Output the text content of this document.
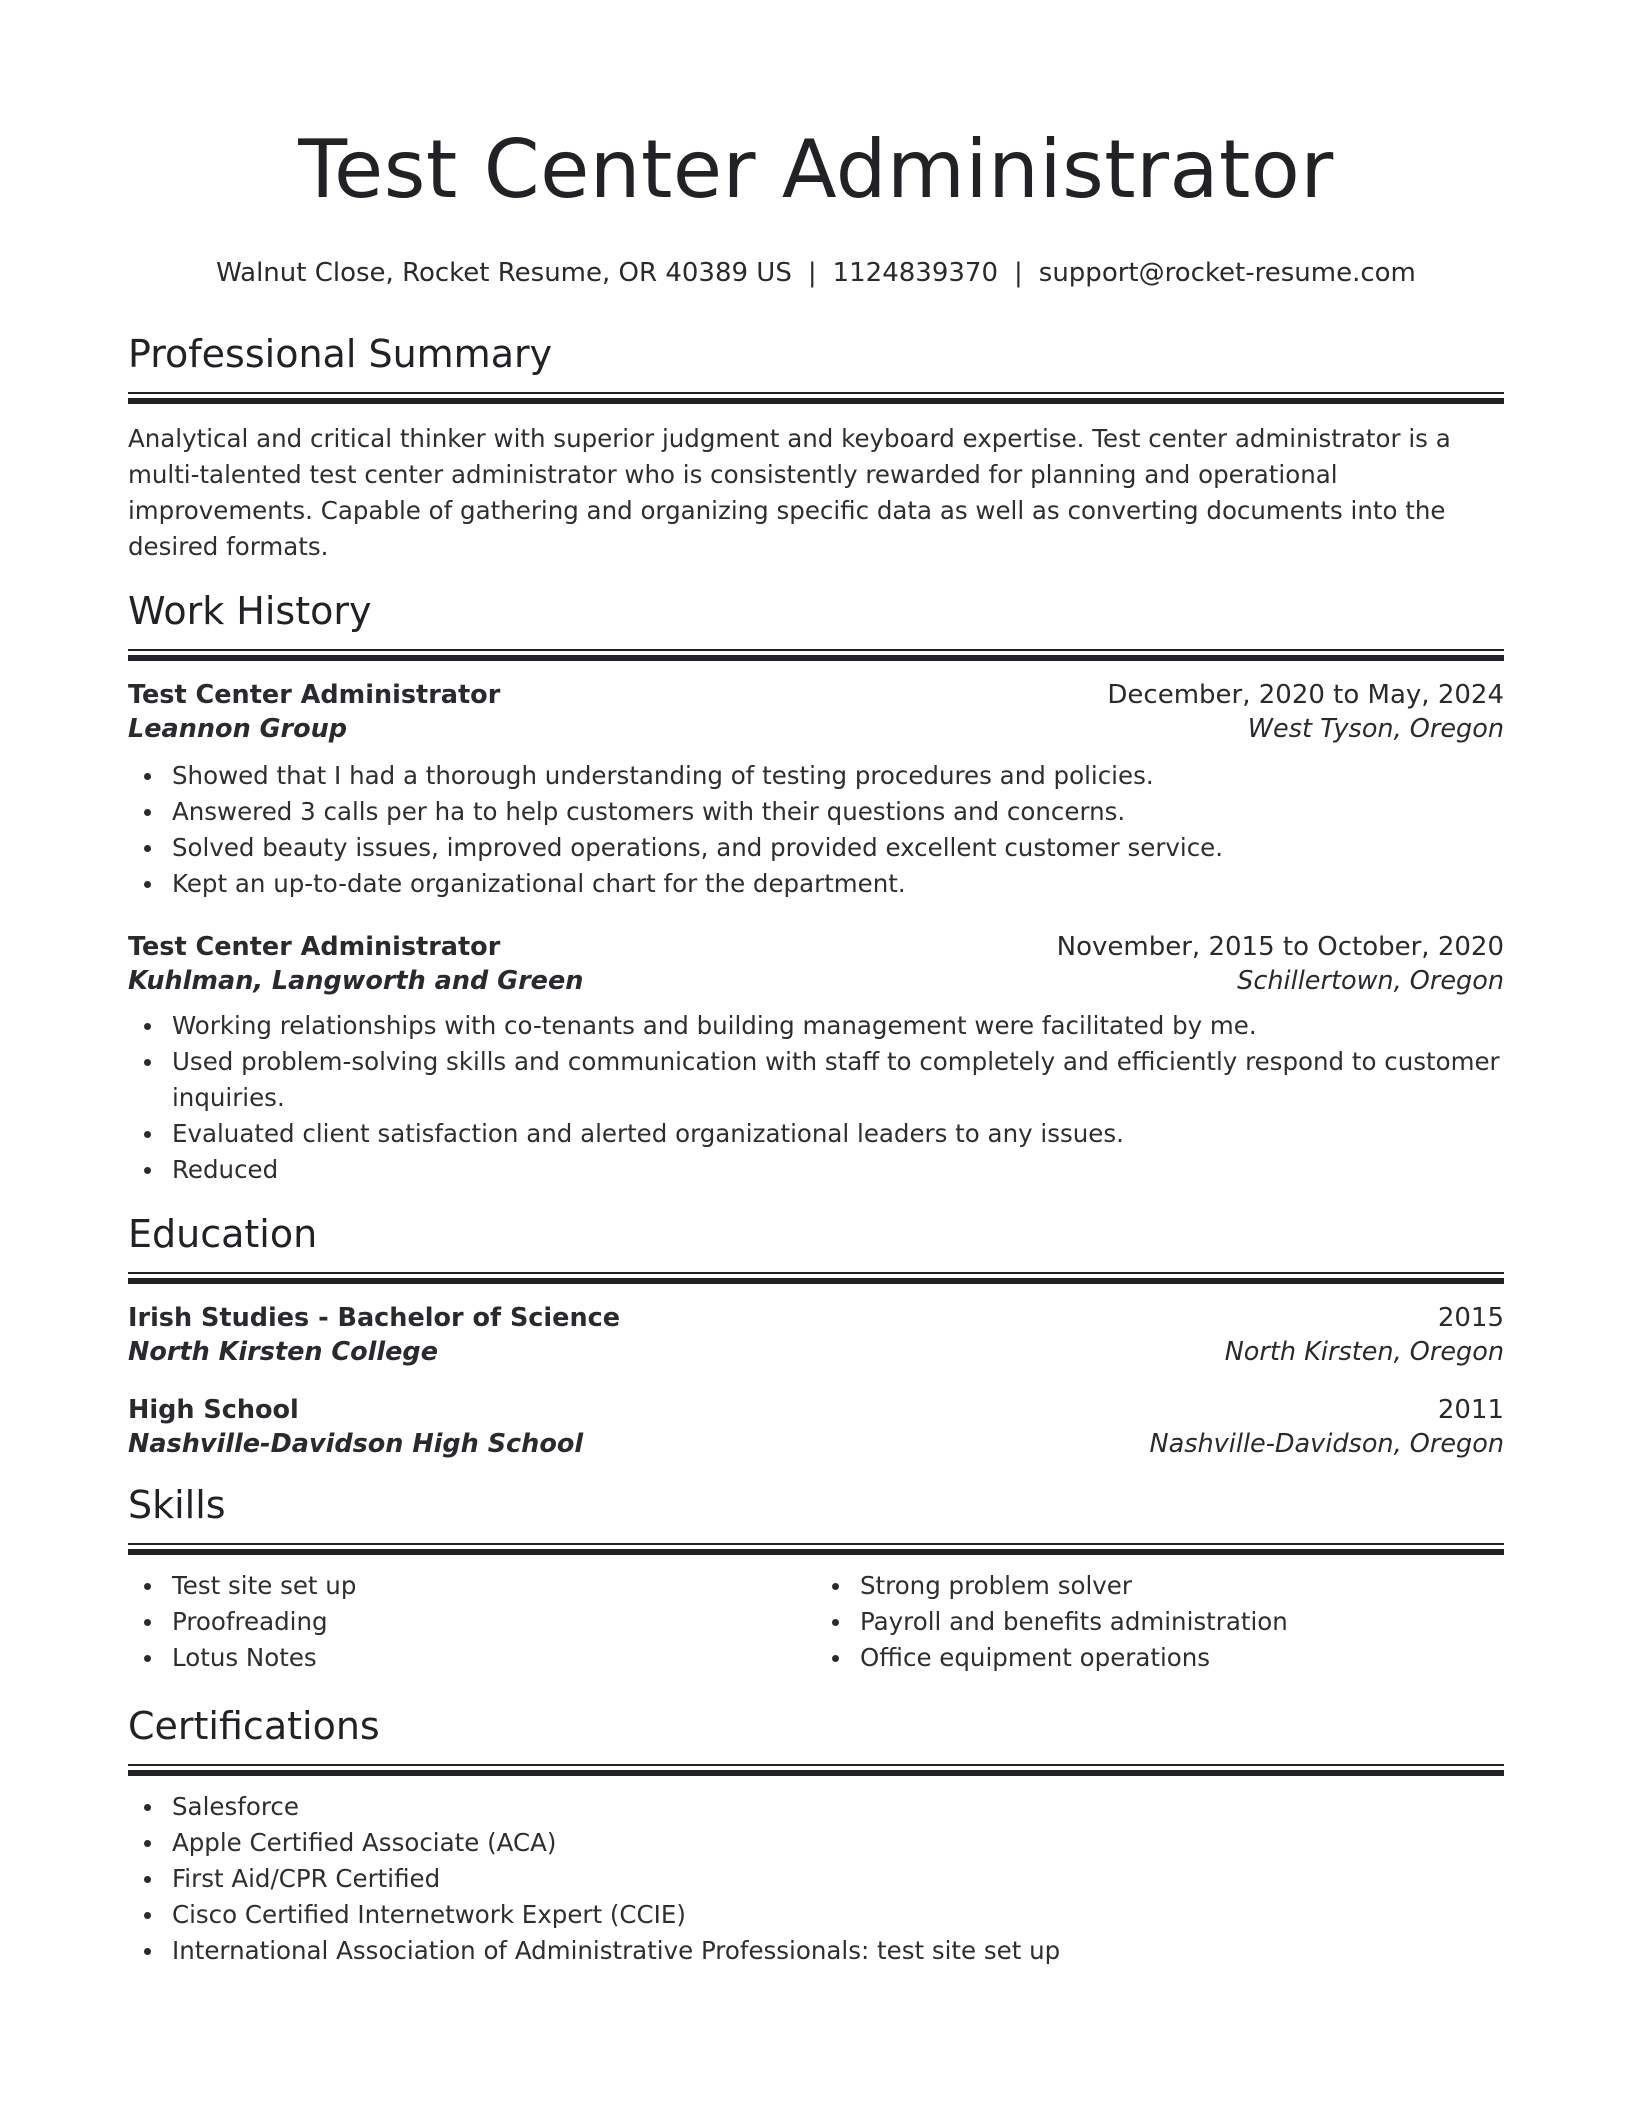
Test Center Administrator
Walnut Close, Rocket Resume, OR 40389 US | 1124839370 | support@rocket-resume.com
Professional Summary

Analytical and critical thinker with superior judgment and keyboard expertise. Test center administrator is a multi-talented test center administrator who is consistently rewarded for planning and operational improvements. Capable of gathering and organizing specific data as well as converting documents into the desired formats.

Work History
Test Center Administrator	December, 2020 to May, 2024
Leannon Group	West Tyson, Oregon
Showed that I had a thorough understanding of testing procedures and policies.
Answered 3 calls per ha to help customers with their questions and concerns.
Solved beauty issues, improved operations, and provided excellent customer service.
Kept an up-to-date organizational chart for the department.
Test Center Administrator	November, 2015 to October, 2020
Kuhlman, Langworth and Green	Schillertown, Oregon
Working relationships with co-tenants and building management were facilitated by me.
Used problem-solving skills and communication with staff to completely and efficiently respond to customer inquiries.
Evaluated client satisfaction and alerted organizational leaders to any issues.
Reduced
Education
Irish Studies - Bachelor of Science	2015
North Kirsten College	North Kirsten, Oregon
High School	2011
Nashville-Davidson High School	Nashville-Davidson, Oregon
Skills
Test site set up
Proofreading
Lotus Notes
Strong problem solver
Payroll and benefits administration
Office equipment operations
Certifications
Salesforce
Apple Certified Associate (ACA)
First Aid/CPR Certified
Cisco Certified Internetwork Expert (CCIE)
International Association of Administrative Professionals: test site set up
